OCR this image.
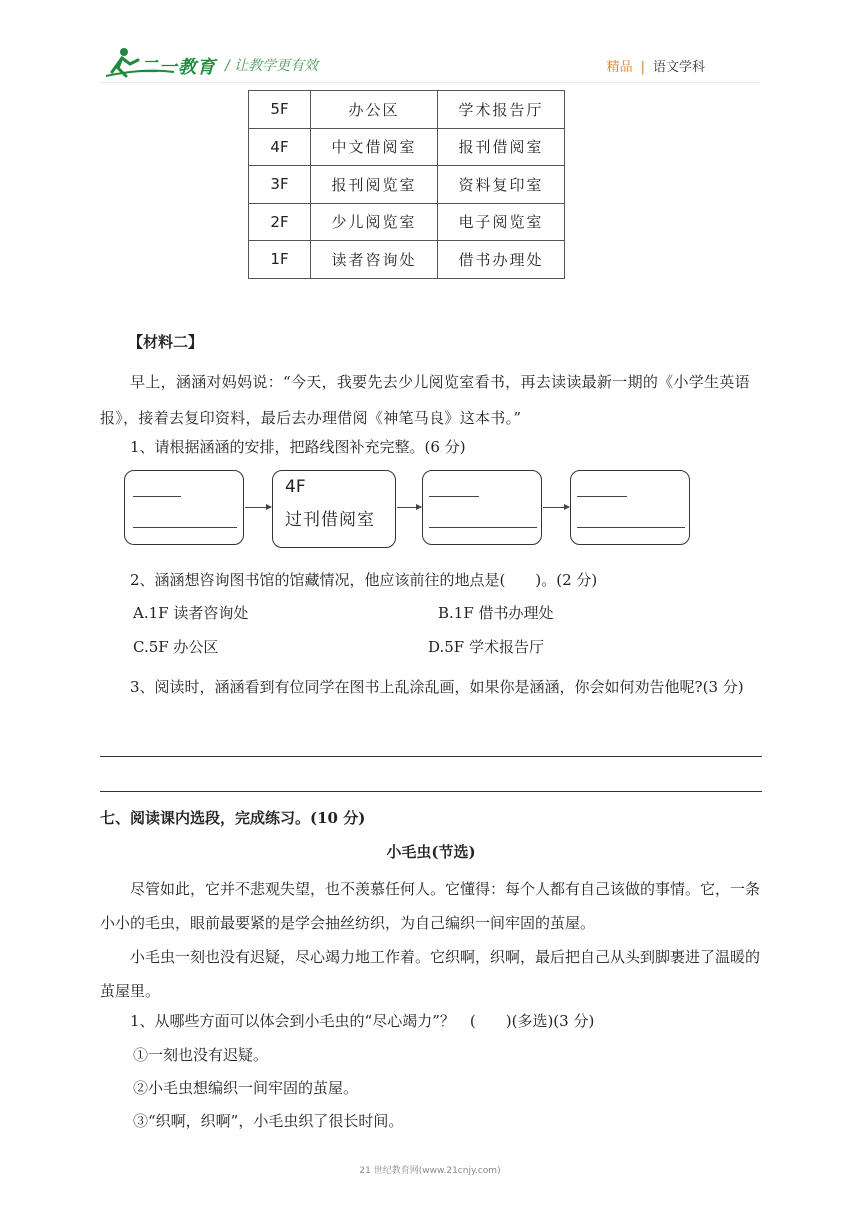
二一教育 / 让教学更有效	精品 | 语文学科
5F	办公区	学术报告厅
4F	中文借阅室	报刊借阅室
3F	报刊阅览室	资料复印室
2F	少儿阅览室	电子阅览室
1F	读者咨询处	借书办理处
【材料二】
早上，涵涵对妈妈说：“今天，我要先去少儿阅览室看书，再去读读最新一期的《小学生英语报》，接着去复印资料，最后去办理借阅《神笔马良》这本书。”
1、请根据涵涵的安排，把路线图补充完整。(6 分)
4F
过刊借阅室
2、涵涵想咨询图书馆的馆藏情况，他应该前往的地点是(　　)。(2 分)
A.1F 读者咨询处	B.1F 借书办理处
C.5F 办公区	D.5F 学术报告厅
3、阅读时，涵涵看到有位同学在图书上乱涂乱画，如果你是涵涵，你会如何劝告他呢?(3 分)
七、阅读课内选段，完成练习。(10 分)
小毛虫(节选)
尽管如此，它并不悲观失望，也不羡慕任何人。它懂得：每个人都有自己该做的事情。它，一条小小的毛虫，眼前最要紧的是学会抽丝纺织，为自己编织一间牢固的茧屋。
小毛虫一刻也没有迟疑，尽心竭力地工作着。它织啊，织啊，最后把自己从头到脚裹进了温暖的茧屋里。
1、从哪些方面可以体会到小毛虫的“尽心竭力”？　(　　)(多选)(3 分)
①一刻也没有迟疑。
②小毛虫想编织一间牢固的茧屋。
③“织啊，织啊”，小毛虫织了很长时间。
21 世纪教育网(www.21cnjy.com)
